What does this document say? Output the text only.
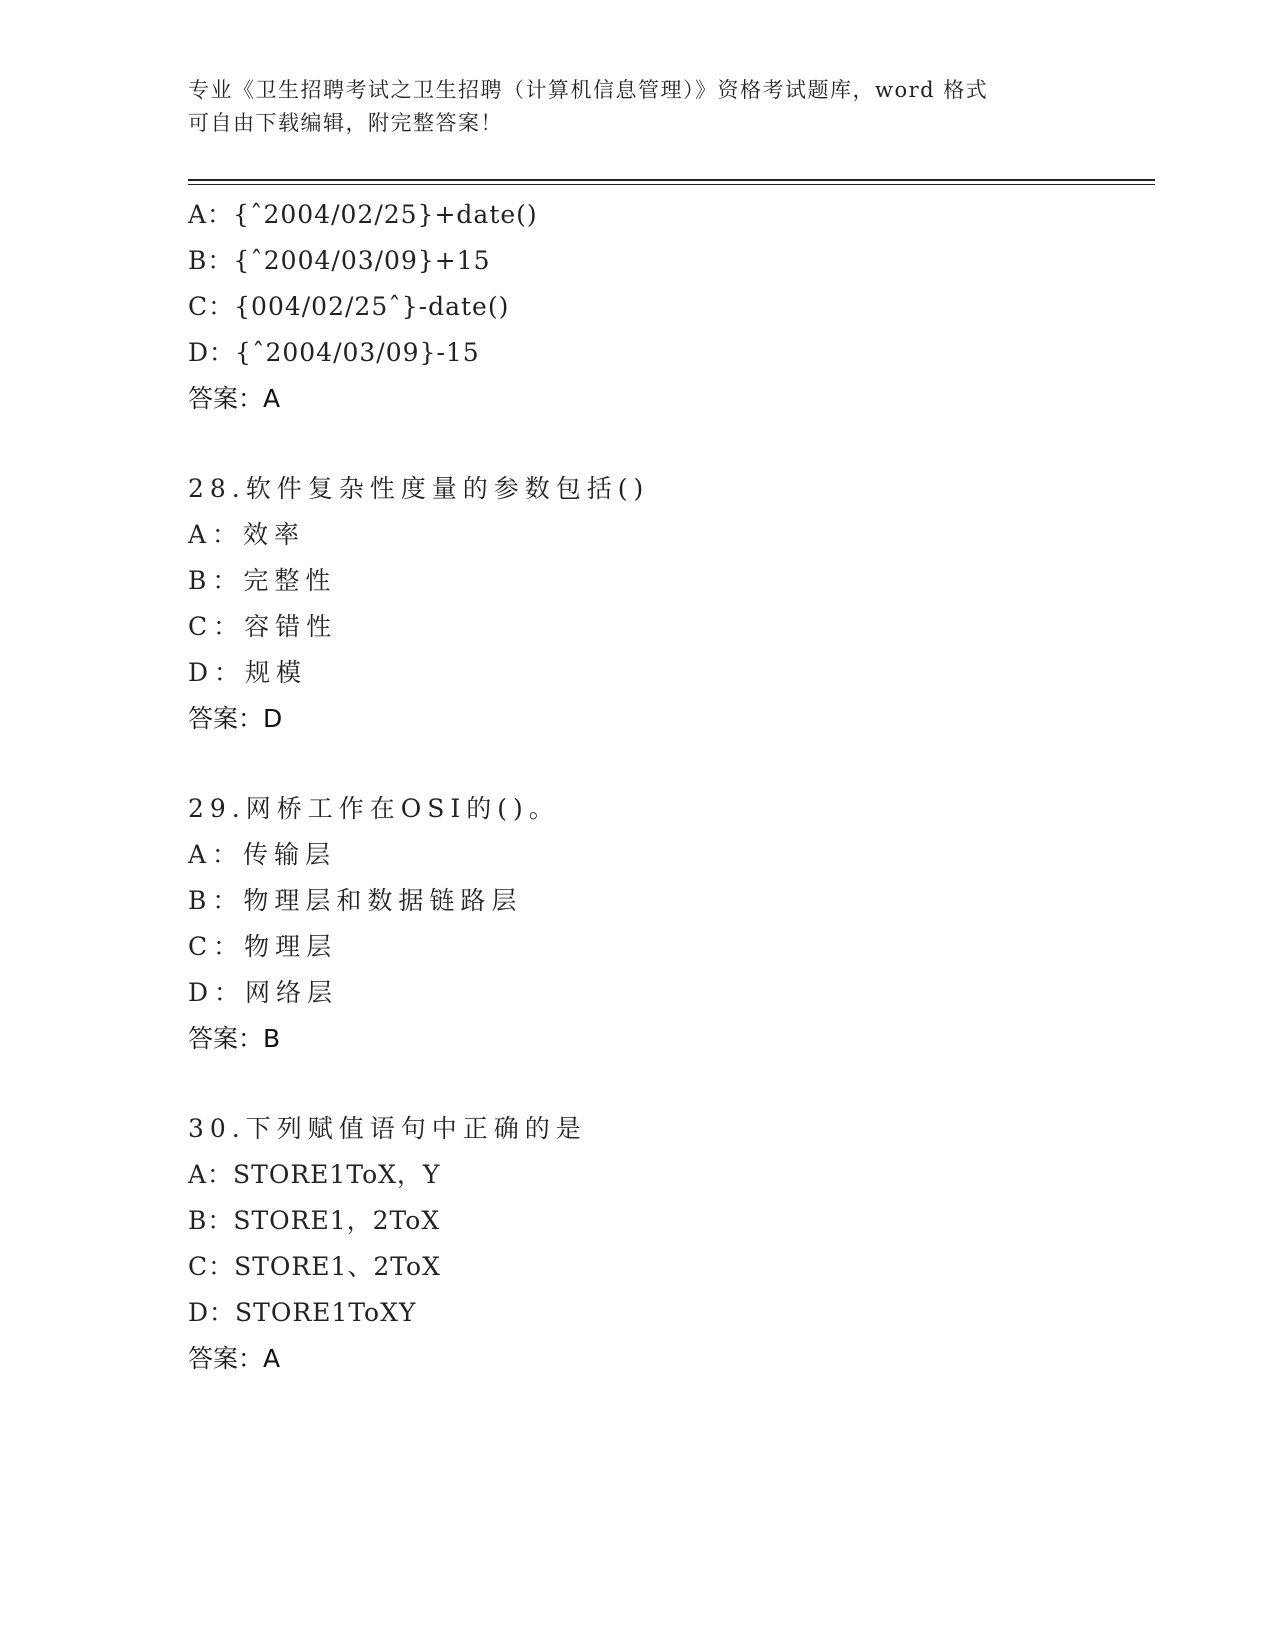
专业《卫生招聘考试之卫生招聘（计算机信息管理）》资格考试题库，word 格式
可自由下载编辑，附完整答案！
A：{ˆ2004/02/25}+date()
B：{ˆ2004/03/09}+15
C：{004/02/25ˆ}-date()
D：{ˆ2004/03/09}-15
答案：A
28.软件复杂性度量的参数包括()
A：效率
B：完整性
C：容错性
D：规模
答案：D
29.网桥工作在OSI的()。
A：传输层
B：物理层和数据链路层
C：物理层
D：网络层
答案：B
30.下列赋值语句中正确的是
A：STORE1ToX，Y
B：STORE1，2ToX
C：STORE1、2ToX
D：STORE1ToXY
答案：A
